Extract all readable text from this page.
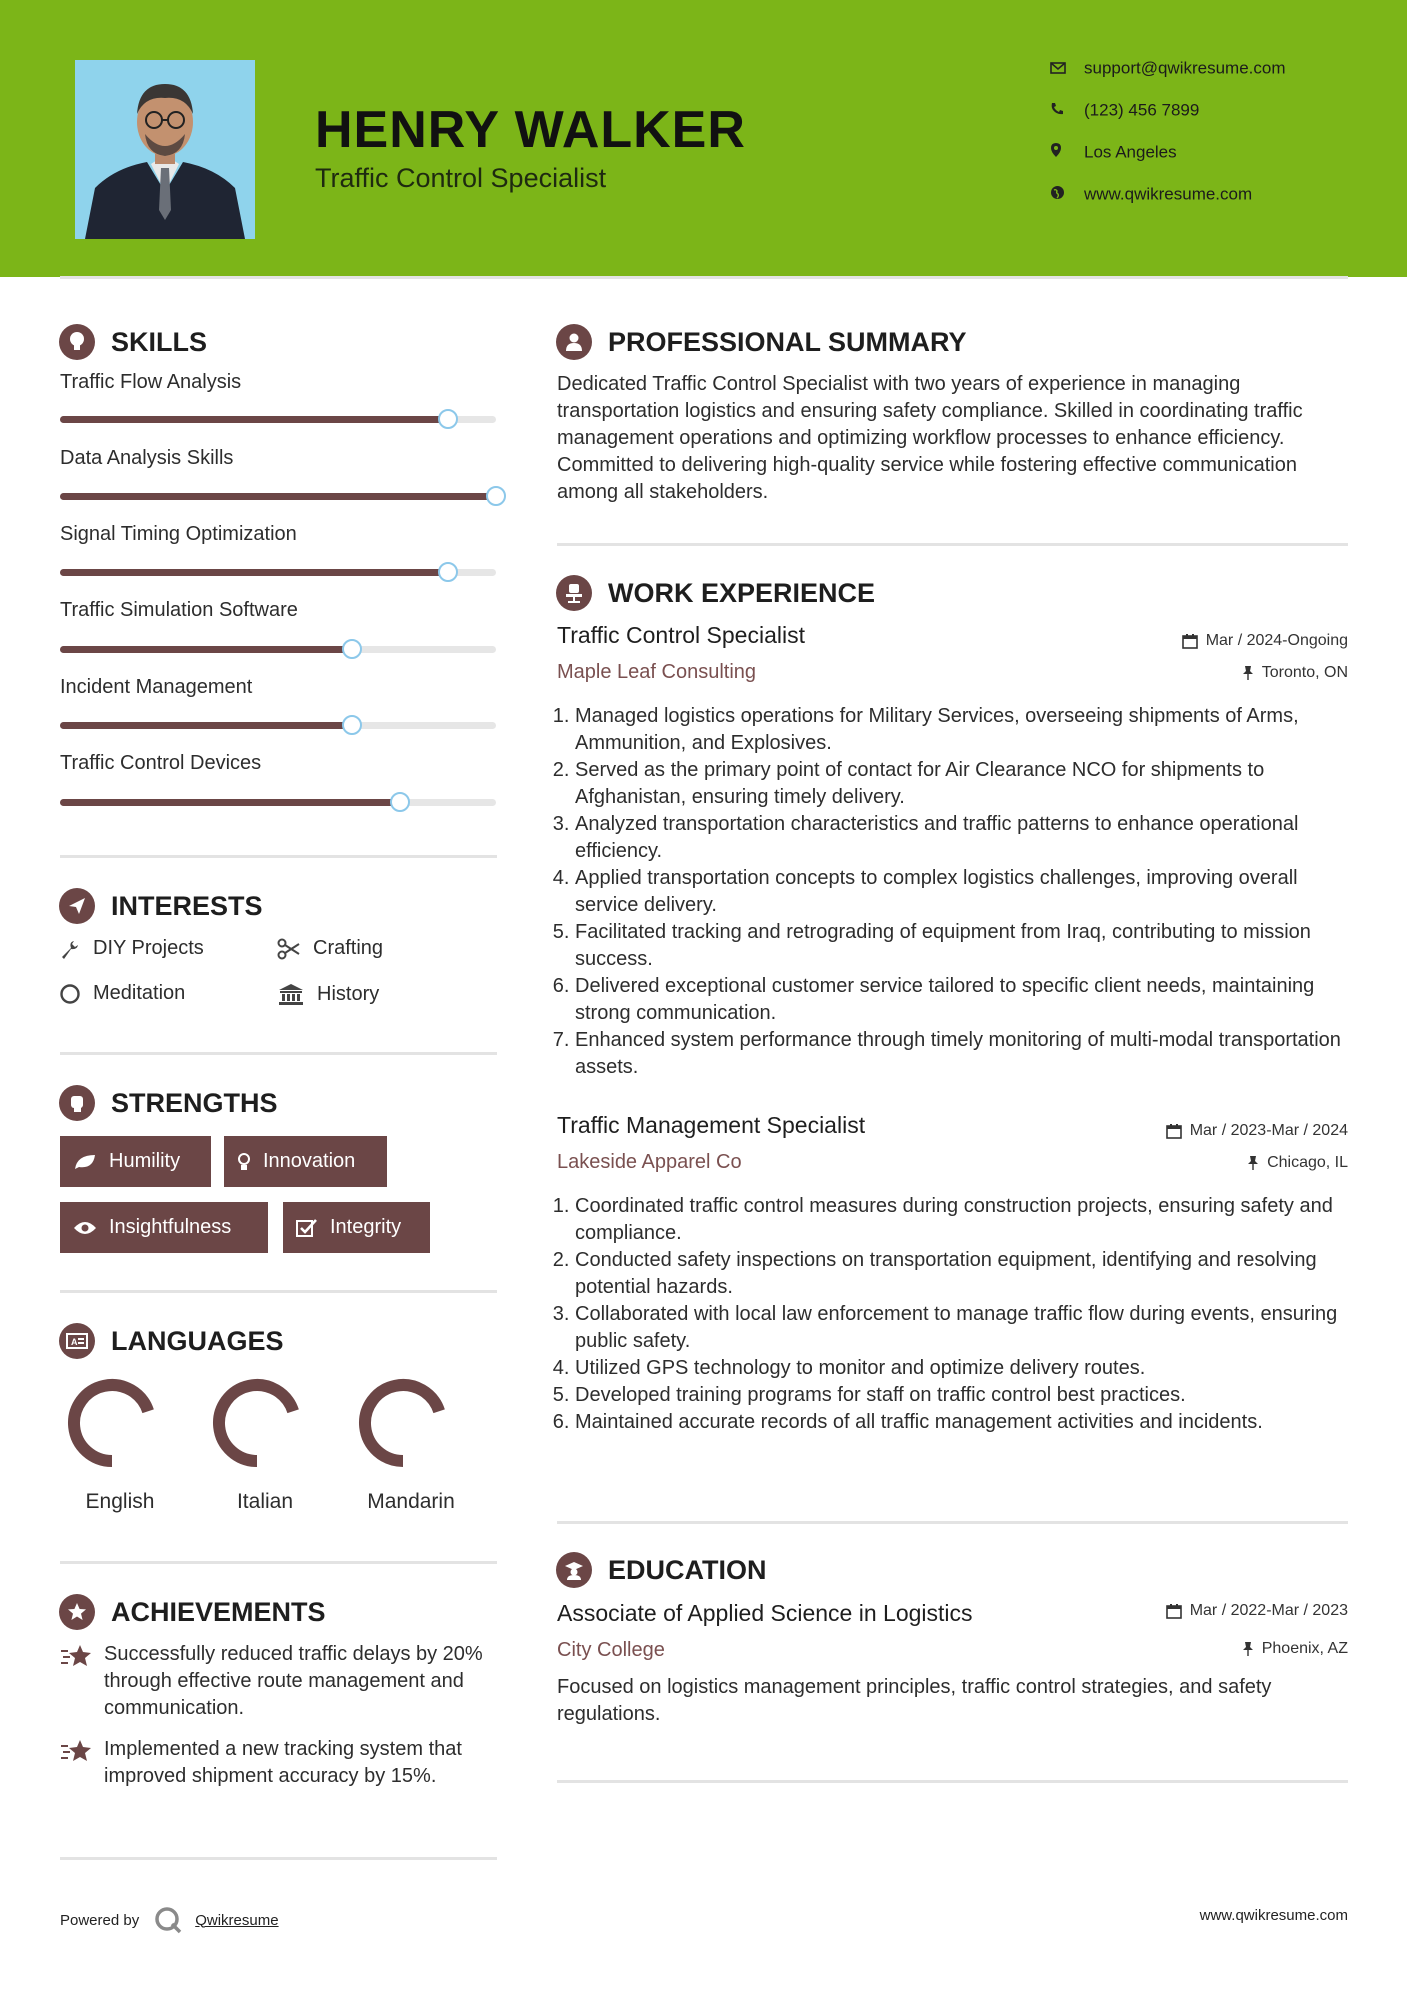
HENRY WALKER
Traffic Control Specialist
support@qwikresume.com
(123) 456 7899
Los Angeles
www.qwikresume.com
SKILLS
Traffic Flow Analysis
Data Analysis Skills
Signal Timing Optimization
Traffic Simulation Software
Incident Management
Traffic Control Devices
INTERESTS
DIY Projects	Crafting
Meditation	History
STRENGTHS
Humility	Innovation
Insightfulness	Integrity
A LANGUAGES
English	Italian	Mandarin
ACHIEVEMENTS
Successfully reduced traffic delays by 20% through effective route management and communication.
Implemented a new tracking system that improved shipment accuracy by 15%.
PROFESSIONAL SUMMARY
Dedicated Traffic Control Specialist with two years of experience in managing transportation logistics and ensuring safety compliance. Skilled in coordinating traffic management operations and optimizing workflow processes to enhance efficiency. Committed to delivering high-quality service while fostering effective communication among all stakeholders.
WORK EXPERIENCE
Traffic Control Specialist
Maple Leaf Consulting
Mar / 2024-Ongoing
Toronto, ON
1. Managed logistics operations for Military Services, overseeing shipments of Arms, Ammunition, and Explosives.
2. Served as the primary point of contact for Air Clearance NCO for shipments to Afghanistan, ensuring timely delivery.
3. Analyzed transportation characteristics and traffic patterns to enhance operational efficiency.
4. Applied transportation concepts to complex logistics challenges, improving overall service delivery.
5. Facilitated tracking and retrograding of equipment from Iraq, contributing to mission success.
6. Delivered exceptional customer service tailored to specific client needs, maintaining strong communication.
7. Enhanced system performance through timely monitoring of multi-modal transportation assets.
Traffic Management Specialist
Lakeside Apparel Co
Mar / 2023-Mar / 2024
Chicago, IL
1. Coordinated traffic control measures during construction projects, ensuring safety and compliance.
2. Conducted safety inspections on transportation equipment, identifying and resolving potential hazards.
3. Collaborated with local law enforcement to manage traffic flow during events, ensuring public safety.
4. Utilized GPS technology to monitor and optimize delivery routes.
5. Developed training programs for staff on traffic control best practices.
6. Maintained accurate records of all traffic management activities and incidents.
EDUCATION
Associate of Applied Science in Logistics
City College
Mar / 2022-Mar / 2023
Phoenix, AZ
Focused on logistics management principles, traffic control strategies, and safety regulations.
Powered by	Qwikresume	www.qwikresume.com
